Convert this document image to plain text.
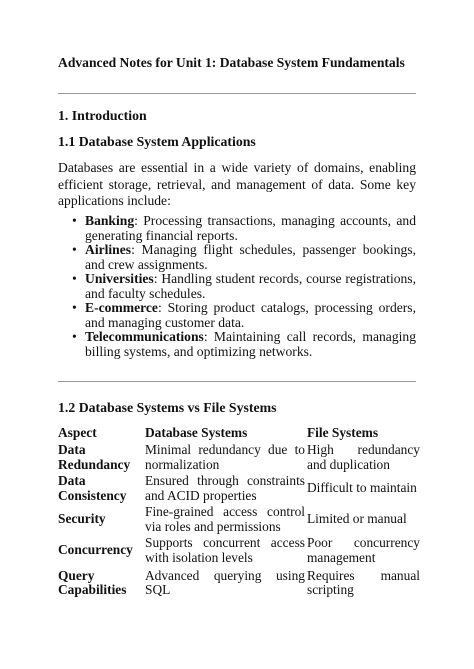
Advanced Notes for Unit 1: Database System Fundamentals
1. Introduction
1.1 Database System Applications

Databases are essential in a wide variety of domains, enabling efficient storage, retrieval, and management of data. Some key applications include:

• Banking: Processing transactions, managing accounts, and generating financial reports.
• Airlines: Managing flight schedules, passenger bookings, and crew assignments.
• Universities: Handling student records, course registrations, and faculty schedules.
• E-commerce: Storing product catalogs, processing orders, and managing customer data.
• Telecommunications: Maintaining call records, managing billing systems, and optimizing networks.
1.2 Database Systems vs File Systems
Aspect	Database Systems	File Systems
Data Redundancy	Minimal redundancy due to normalization	High redundancy and duplication
Data Consistency	Ensured through constraints and ACID properties	Difficult to maintain
Security	Fine-grained access control via roles and permissions	Limited or manual
Concurrency	Supports concurrent access with isolation levels	Poor concurrency management
Query Capabilities	Advanced querying using SQL	Requires manual scripting
